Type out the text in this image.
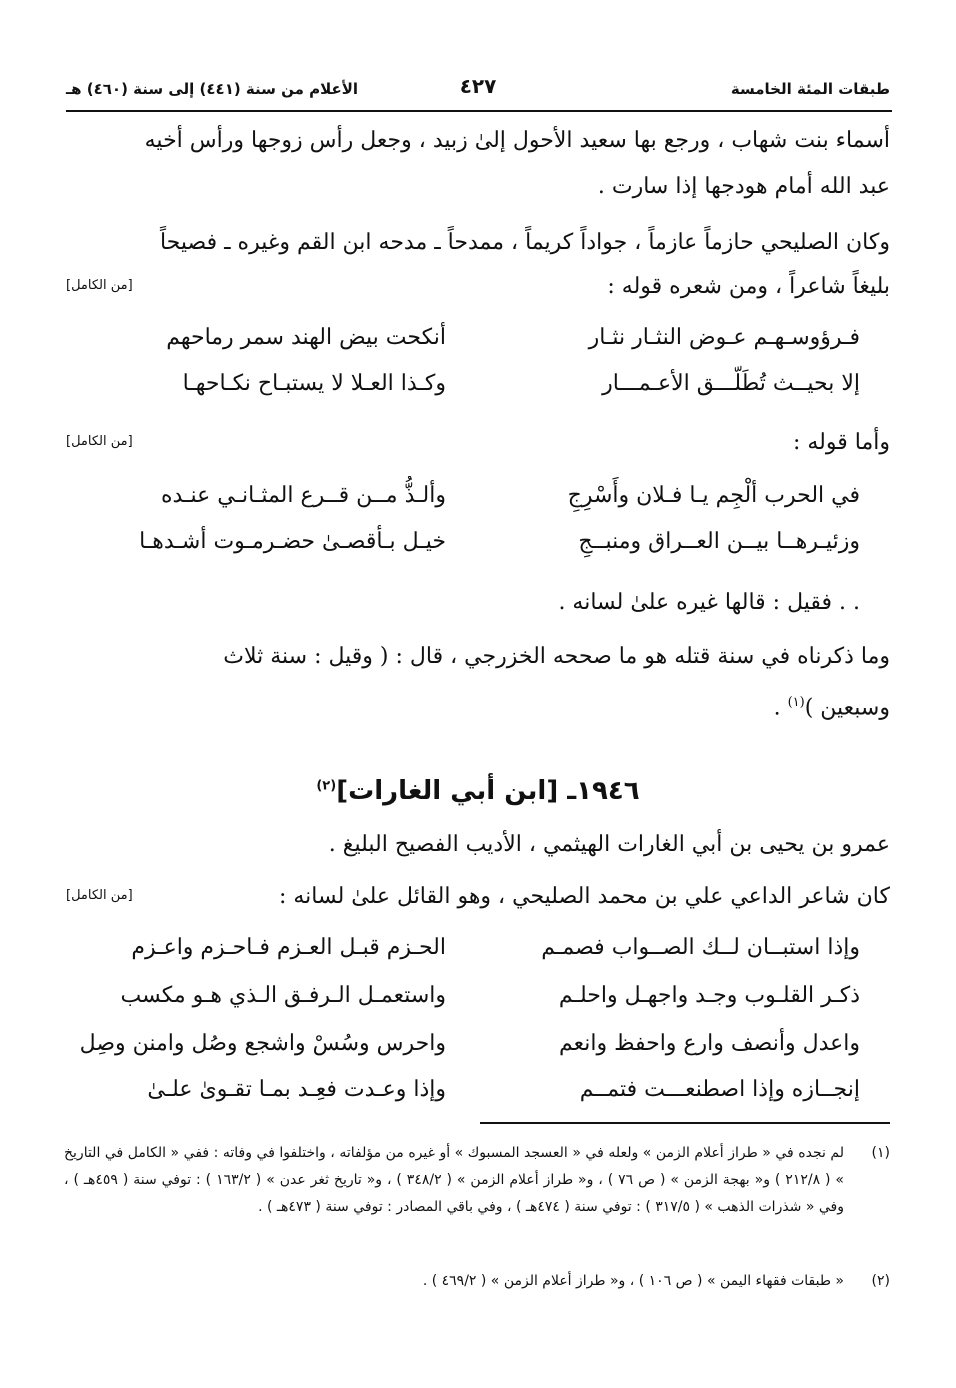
طبقات المئة الخامسة
٤٢٧
الأعلام من سنة (٤٤١) إلى سنة (٤٦٠) هـ
أسماء بنت شهاب ، ورجع بها سعيد الأحول إلىٰ زبيد ، وجعل رأس زوجها ورأس أخيه
عبد الله أمام هودجها إذا سارت .
وكان الصليحي حازماً عازماً ، جواداً كريماً ، ممدحاً ـ مدحه ابن القم وغيره ـ فصيحاً
بليغاً شاعراً ، ومن شعره قوله :
[من الكامل]
أنكحت بيض الهند سمر رماحهم	فـرؤوسـهـم عـوض النثـار نثـار
وكـذا العـلا لا يستبـاح نكـاحهـا	إلا بحيــث تُطَلّـــق الأعـمـــار
وأما قوله :
[من الكامل]
وألـذُّ مــن قــرع المثـانـي عنـده	في الحرب ألْجِم يـا فـلان وأَسْرِجِ
خيـل بـأقصـىٰ حضـرمـوت أشـدهـا	وزئيـرهــا بيــن العــراق ومنبــجِ
. . فقيل : قالها غيره علىٰ لسانه .
وما ذكرناه في سنة قتله هو ما صححه الخزرجي ، قال : ( وقيل : سنة ثلاث
وسبعين )$^{(١)}$ .
١٩٤٦ـ [ابن أبي الغارات]$^{(٢)}$
عمرو بن يحيى بن أبي الغارات الهيثمي ، الأديب الفصيح البليغ .
كان شاعر الداعي علي بن محمد الصليحي ، وهو القائل علىٰ لسانه :
[من الكامل]
الحـزم قبـل العـزم فـاحـزم واعـزم	وإذا استبــان لــك الصــواب فصمـم
واستعمـل الـرفـق الـذي هـو مكسب	ذكـر القلـوب وجـد واجهـل واحلـم
واحرس وسُسْ واشجع وصُل وامنن وصِل	واعدل وأنصف وارع واحفظ وانعم
وإذا وعـدت فعِـد بمـا تقـوىٰ علـىٰ	إنجــازه وإذا اصطنعـــت فتمــم
(١)
لم نجده في « طراز أعلام الزمن » ولعله في « العسجد المسبوك » أو غيره من مؤلفاته ، واختلفوا في وفاته : ففي « الكامل في التاريخ » ( ٢١٢/٨ ) و« بهجة الزمن » ( ص ٧٦ ) ، و« طراز أعلام الزمن » ( ٣٤٨/٢ ) ، و« تاريخ ثغر عدن » ( ١٦٣/٢ ) : توفي سنة ( ٤٥٩هـ ) ، وفي « شذرات الذهب » ( ٣١٧/٥ ) : توفي سنة ( ٤٧٤هـ ) ، وفي باقي المصادر : توفي سنة ( ٤٧٣هـ ) .
(٢)
« طبقات فقهاء اليمن » ( ص ١٠٦ ) ، و« طراز أعلام الزمن » ( ٤٦٩/٢ ) .
